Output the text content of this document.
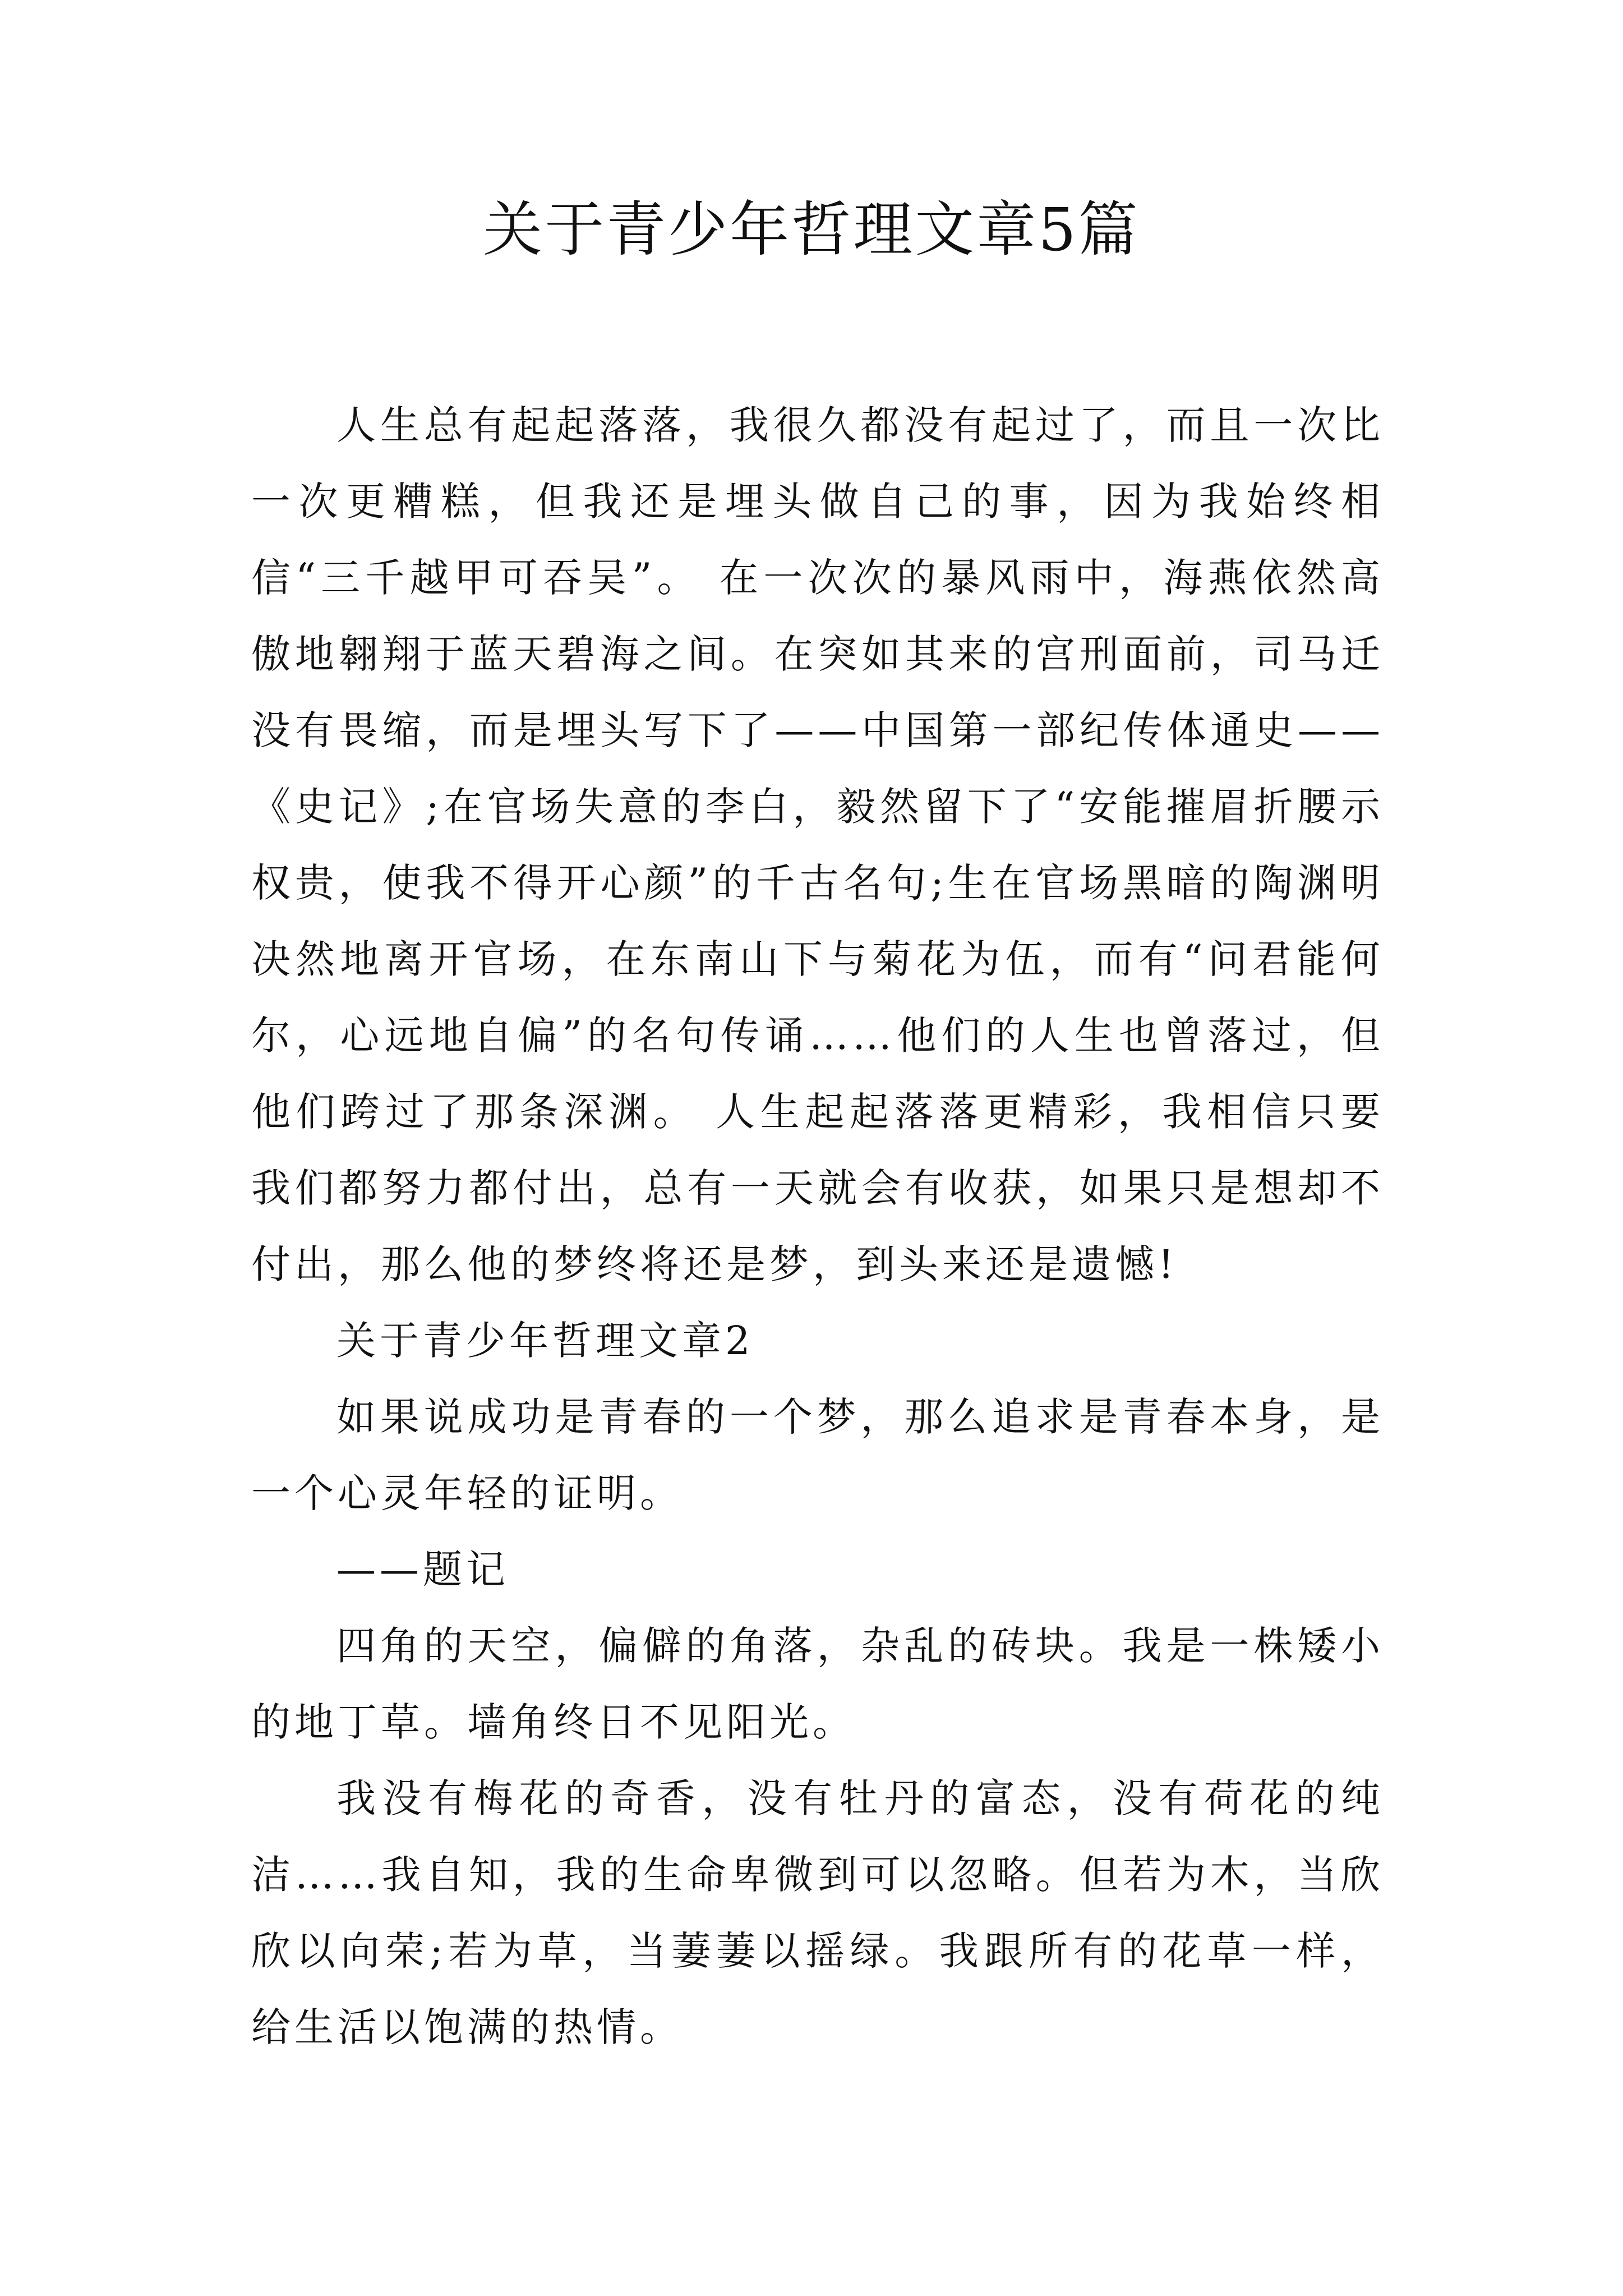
关于青少年哲理文章5篇

人生总有起起落落，我很久都没有起过了，而且一次比一次更糟糕，但我还是埋头做自己的事，因为我始终相信“三千越甲可吞吴”。 在一次次的暴风雨中，海燕依然高傲地翱翔于蓝天碧海之间。在突如其来的宫刑面前，司马迁没有畏缩，而是埋头写下了——中国第一部纪传体通史——《史记》;在官场失意的李白，毅然留下了“安能摧眉折腰示权贵，使我不得开心颜”的千古名句;生在官场黑暗的陶渊明决然地离开官场，在东南山下与菊花为伍，而有“问君能何尔，心远地自偏”的名句传诵……他们的人生也曾落过，但他们跨过了那条深渊。 人生起起落落更精彩，我相信只要我们都努力都付出，总有一天就会有收获，如果只是想却不付出，那么他的梦终将还是梦，到头来还是遗憾!

关于青少年哲理文章2

如果说成功是青春的一个梦，那么追求是青春本身，是一个心灵年轻的证明。

——题记

四角的天空，偏僻的角落，杂乱的砖块。我是一株矮小的地丁草。墙角终日不见阳光。

我没有梅花的奇香，没有牡丹的富态，没有荷花的纯洁……我自知，我的生命卑微到可以忽略。但若为木，当欣欣以向荣;若为草，当萋萋以摇绿。我跟所有的花草一样，给生活以饱满的热情。
